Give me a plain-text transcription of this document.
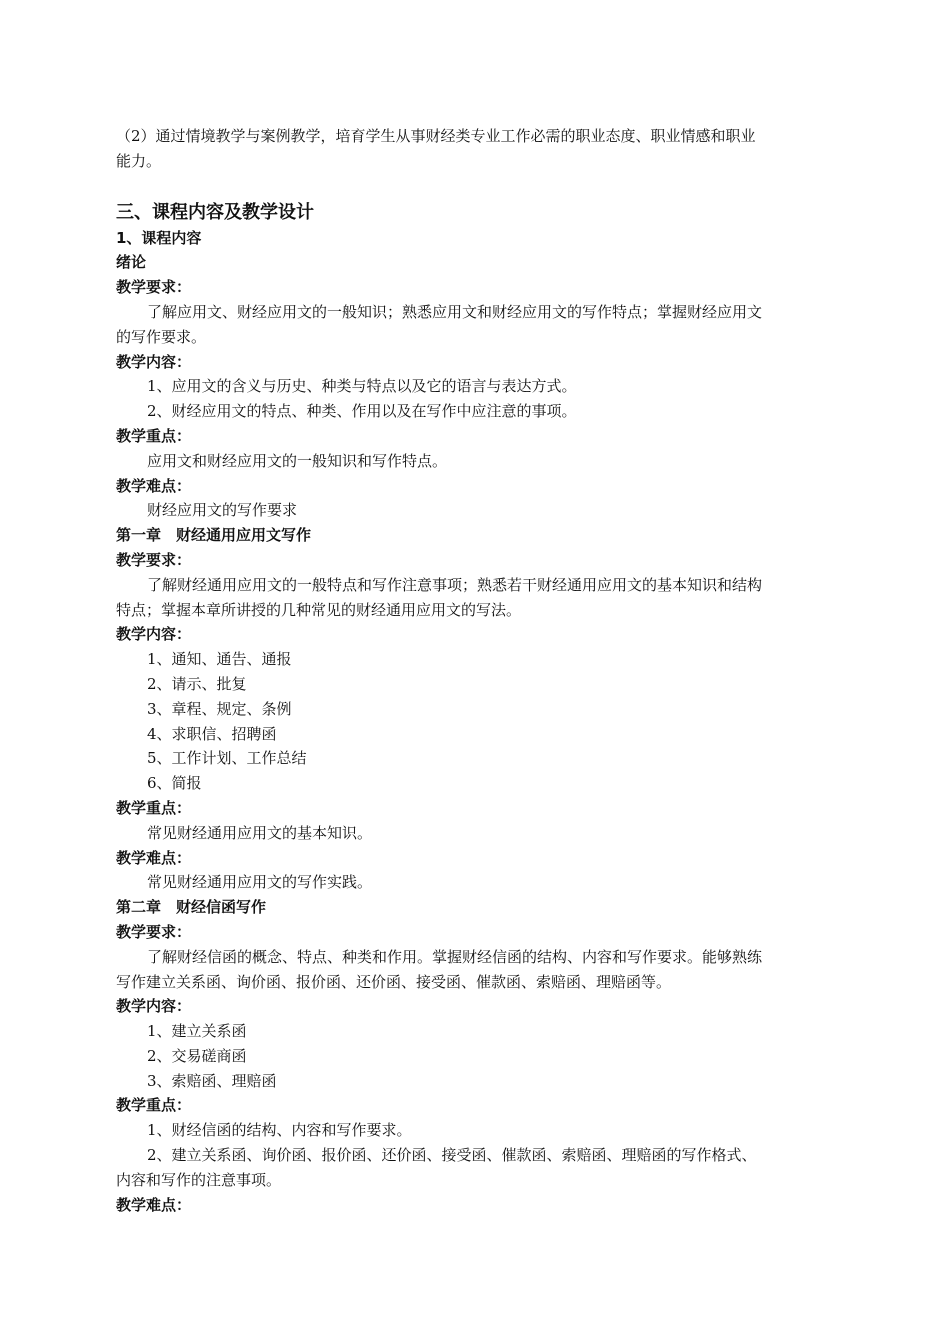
（2）通过情境教学与案例教学，培育学生从事财经类专业工作必需的职业态度、职业情感和职业
能力。
三、课程内容及教学设计
1、课程内容
绪论
教学要求：
了解应用文、财经应用文的一般知识；熟悉应用文和财经应用文的写作特点；掌握财经应用文
的写作要求。
教学内容：
1、应用文的含义与历史、种类与特点以及它的语言与表达方式。
2、财经应用文的特点、种类、作用以及在写作中应注意的事项。
教学重点：
应用文和财经应用文的一般知识和写作特点。
教学难点：
财经应用文的写作要求
第一章　财经通用应用文写作
教学要求：
了解财经通用应用文的一般特点和写作注意事项；熟悉若干财经通用应用文的基本知识和结构
特点；掌握本章所讲授的几种常见的财经通用应用文的写法。
教学内容：
1、通知、通告、通报
2、请示、批复
3、章程、规定、条例
4、求职信、招聘函
5、工作计划、工作总结
6、简报
教学重点：
常见财经通用应用文的基本知识。
教学难点：
常见财经通用应用文的写作实践。
第二章　财经信函写作
教学要求：
了解财经信函的概念、特点、种类和作用。掌握财经信函的结构、内容和写作要求。能够熟练
写作建立关系函、询价函、报价函、还价函、接受函、催款函、索赔函、理赔函等。
教学内容：
1、建立关系函
2、交易磋商函
3、索赔函、理赔函
教学重点：
1、财经信函的结构、内容和写作要求。
2、建立关系函、询价函、报价函、还价函、接受函、催款函、索赔函、理赔函的写作格式、
内容和写作的注意事项。
教学难点：
